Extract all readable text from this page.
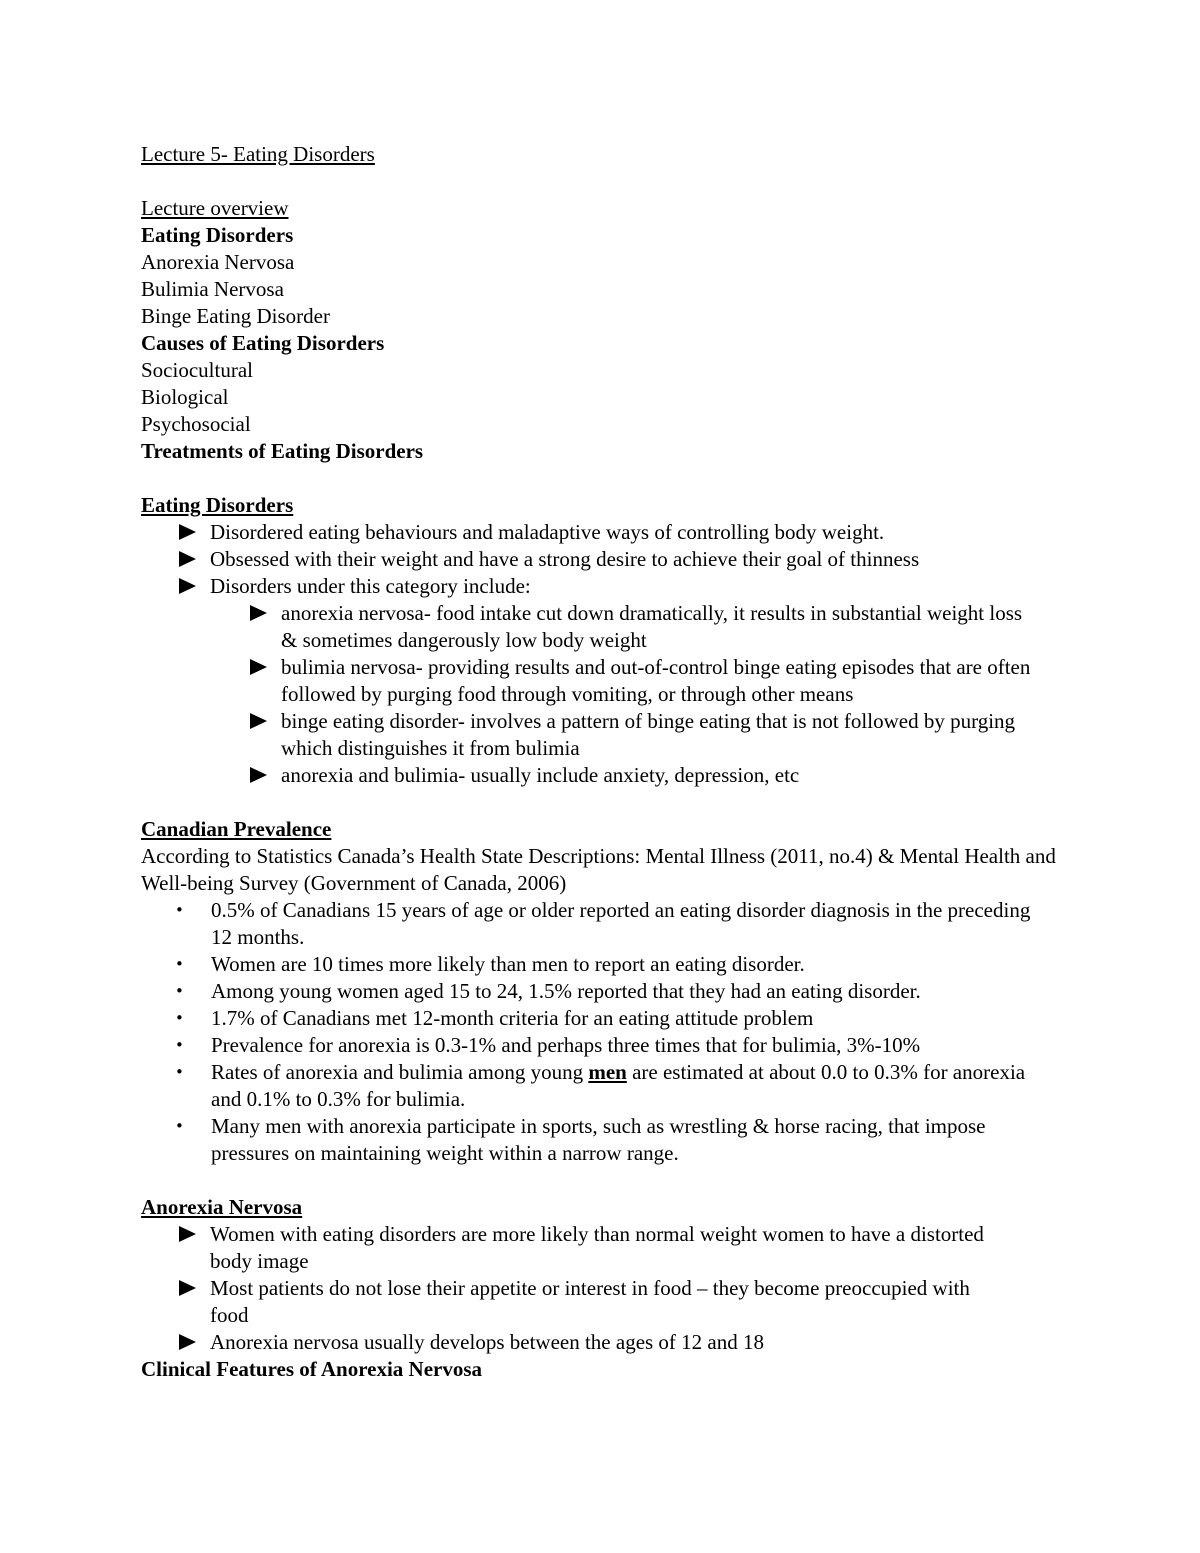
Lecture 5- Eating Disorders

Lecture overview

Eating Disorders

Anorexia Nervosa

Bulimia Nervosa

Binge Eating Disorder

Causes of Eating Disorders

Sociocultural

Biological

Psychosocial

Treatments of Eating Disorders

Eating Disorders

Disordered eating behaviours and maladaptive ways of controlling body weight.
Obsessed with their weight and have a strong desire to achieve their goal of thinness
Disorders under this category include:
anorexia nervosa- food intake cut down dramatically, it results in substantial weight loss & sometimes dangerously low body weight
bulimia nervosa- providing results and out-of-control binge eating episodes that are often followed by purging food through vomiting, or through other means
binge eating disorder- involves a pattern of binge eating that is not followed by purging which distinguishes it from bulimia
anorexia and bulimia- usually include anxiety, depression, etc

Canadian Prevalence

According to Statistics Canada’s Health State Descriptions: Mental Illness (2011, no.4) & Mental Health and Well-being Survey (Government of Canada, 2006)

•	0.5% of Canadians 15 years of age or older reported an eating disorder diagnosis in the preceding 12 months.
•	Women are 10 times more likely than men to report an eating disorder.
•	Among young women aged 15 to 24, 1.5% reported that they had an eating disorder.
•	1.7% of Canadians met 12-month criteria for an eating attitude problem
•	Prevalence for anorexia is 0.3-1% and perhaps three times that for bulimia, 3%-10%
•	Rates of anorexia and bulimia among young men are estimated at about 0.0 to 0.3% for anorexia and 0.1% to 0.3% for bulimia.
•	Many men with anorexia participate in sports, such as wrestling & horse racing, that impose pressures on maintaining weight within a narrow range.

Anorexia Nervosa

Women with eating disorders are more likely than normal weight women to have a distorted body image
Most patients do not lose their appetite or interest in food – they become preoccupied with food
Anorexia nervosa usually develops between the ages of 12 and 18

Clinical Features of Anorexia Nervosa
